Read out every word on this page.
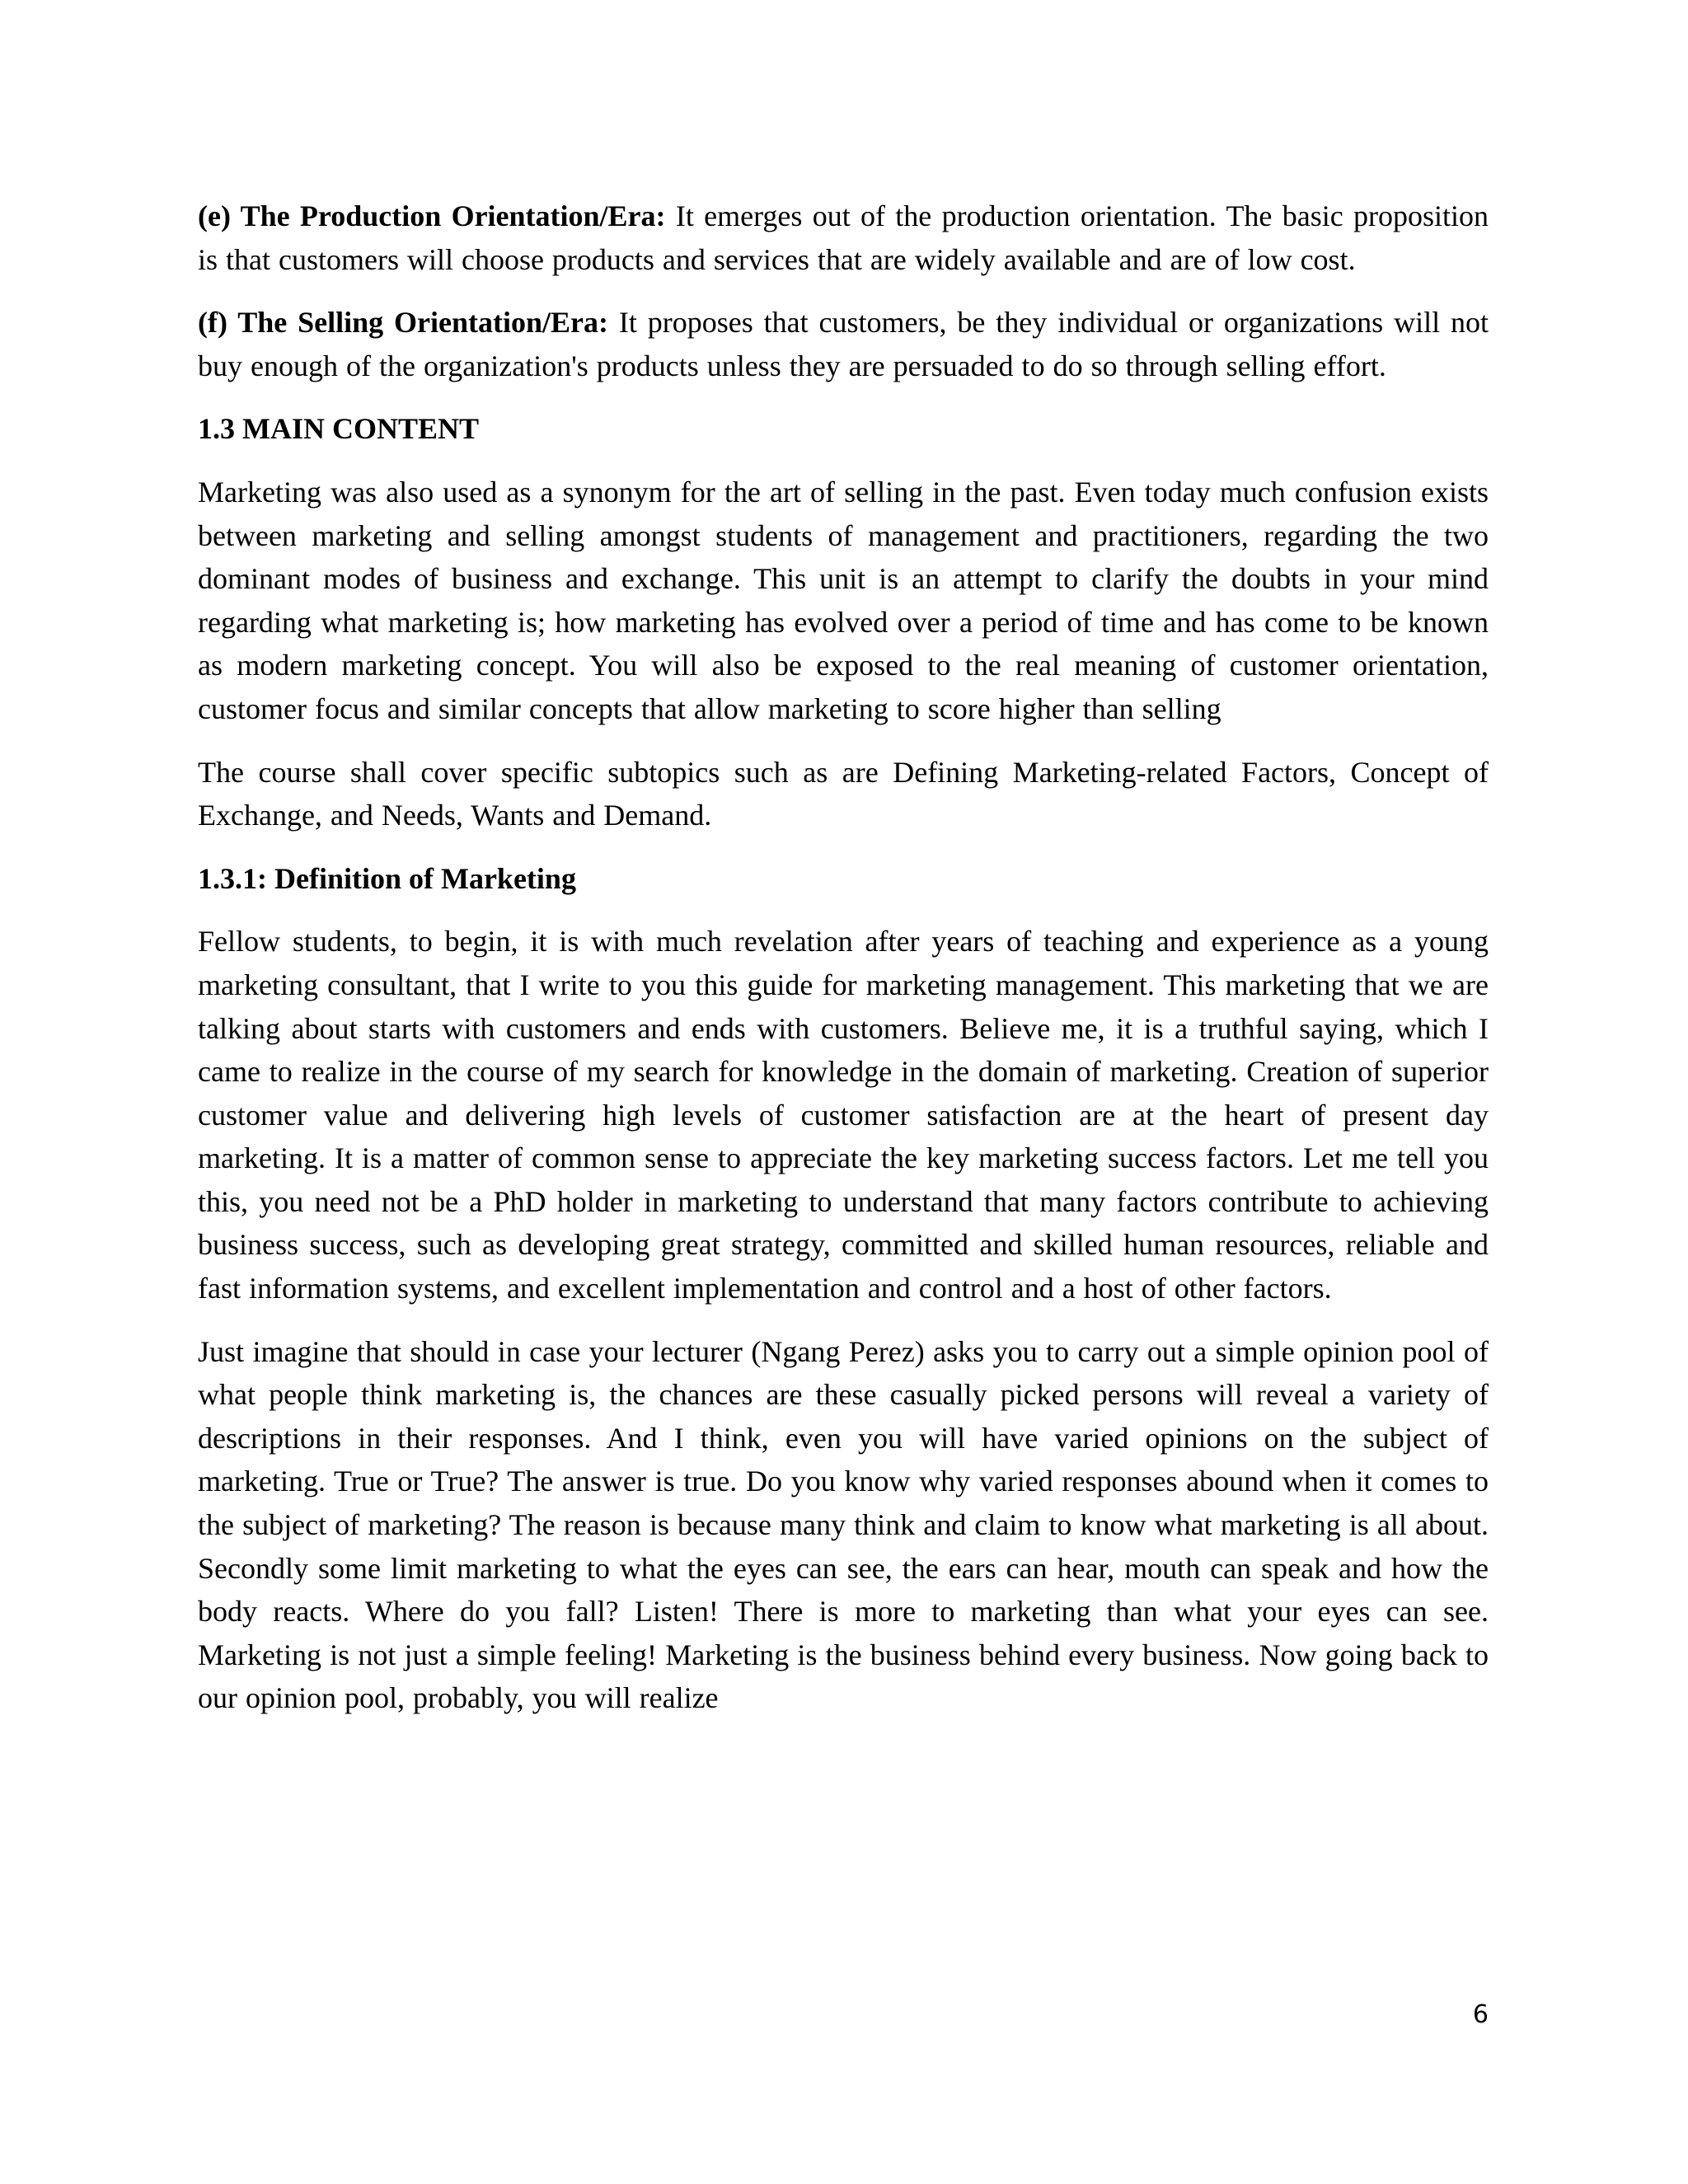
(e) The Production Orientation/Era: It emerges out of the production orientation. The basic proposition is that customers will choose products and services that are widely available and are of low cost.

(f) The Selling Orientation/Era: It proposes that customers, be they individual or organizations will not buy enough of the organization's products unless they are persuaded to do so through selling effort.

1.3 MAIN CONTENT

Marketing was also used as a synonym for the art of selling in the past. Even today much confusion exists between marketing and selling amongst students of management and practitioners, regarding the two dominant modes of business and exchange. This unit is an attempt to clarify the doubts in your mind regarding what marketing is; how marketing has evolved over a period of time and has come to be known as modern marketing concept. You will also be exposed to the real meaning of customer orientation, customer focus and similar concepts that allow marketing to score higher than selling

The course shall cover specific subtopics such as are Defining Marketing-related Factors, Concept of Exchange, and Needs, Wants and Demand.

1.3.1: Definition of Marketing

Fellow students, to begin, it is with much revelation after years of teaching and experience as a young marketing consultant, that I write to you this guide for marketing management. This marketing that we are talking about starts with customers and ends with customers. Believe me, it is a truthful saying, which I came to realize in the course of my search for knowledge in the domain of marketing. Creation of superior customer value and delivering high levels of customer satisfaction are at the heart of present day marketing. It is a matter of common sense to appreciate the key marketing success factors. Let me tell you this, you need not be a PhD holder in marketing to understand that many factors contribute to achieving business success, such as developing great strategy, committed and skilled human resources, reliable and fast information systems, and excellent implementation and control and a host of other factors.

Just imagine that should in case your lecturer (Ngang Perez) asks you to carry out a simple opinion pool of what people think marketing is, the chances are these casually picked persons will reveal a variety of descriptions in their responses. And I think, even you will have varied opinions on the subject of marketing. True or True? The answer is true. Do you know why varied responses abound when it comes to the subject of marketing? The reason is because many think and claim to know what marketing is all about. Secondly some limit marketing to what the eyes can see, the ears can hear, mouth can speak and how the body reacts. Where do you fall? Listen! There is more to marketing than what your eyes can see. Marketing is not just a simple feeling! Marketing is the business behind every business. Now going back to our opinion pool, probably, you will realize

6
